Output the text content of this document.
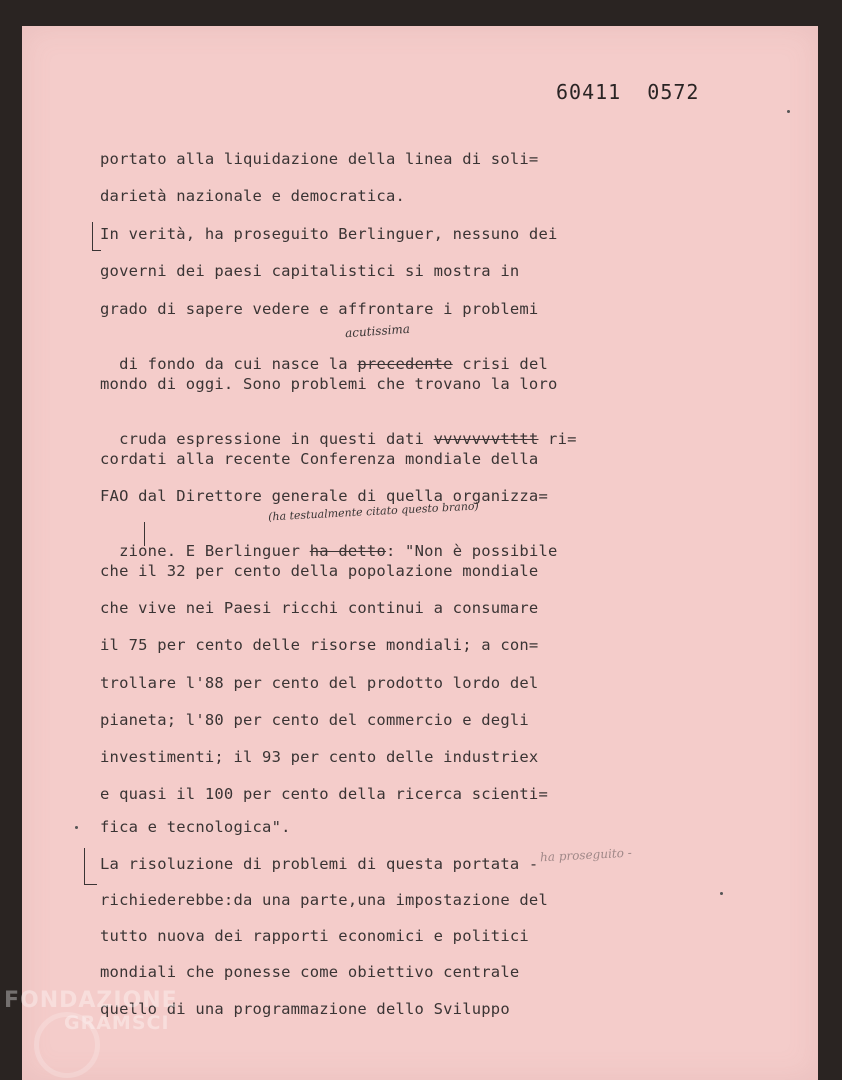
60411  0572
portato alla liquidazione della linea di soli=
darietà nazionale e democratica.
In verità, ha proseguito Berlinguer, nessuno dei
governi dei paesi capitalistici si mostra in
grado di sapere vedere e affrontare i problemi

di fondo da cui nasce la precedente crisi del

mondo di oggi. Sono problemi che trovano la loro

cruda espressione in questi dati vvvvvvvtttt ri=

cordati alla recente Conferenza mondiale della
FAO dal Direttore generale di quella organizza=

zione. E Berlinguer ha detto: "Non è possibile

che il 32 per cento della popolazione mondiale
che vive nei Paesi ricchi continui a consumare
il 75 per cento delle risorse mondiali; a con=
trollare l'88 per cento del prodotto lordo del
pianeta; l'80 per cento del commercio e degli
investimenti; il 93 per cento delle industriex
e quasi il 100 per cento della ricerca scienti=
fica e tecnologica".
La risoluzione di problemi di questa portata -
richiederebbe:da una parte,una impostazione del
tutto nuova dei rapporti economici e politici
mondiali che ponesse come obiettivo centrale
quello di una programmazione dello Sviluppo
acutissima
(ha testualmente citato questo brano)
ha proseguito -
FONDAZIONE
GRAMSCI
